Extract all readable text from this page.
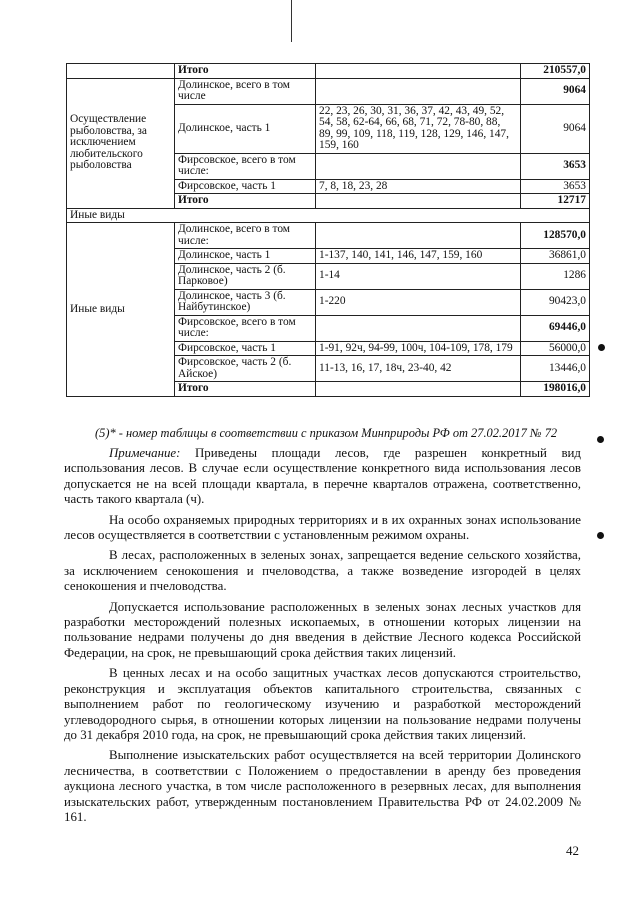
	Итого		210557,0
Осуществление рыболовства, за исключением любительского рыболовства	Долинское, всего в том числе		9064
	Долинское, часть 1	22, 23, 26, 30, 31, 36, 37, 42, 43, 49, 52, 54, 58, 62-64, 66, 68, 71, 72, 78-80, 88, 89, 99, 109, 118, 119, 128, 129, 146, 147, 159, 160	9064
	Фирсовское, всего в том числе:		3653
	Фирсовское, часть 1	7, 8, 18, 23, 28	3653
	Итого		12717
Иные виды			
Иные виды	Долинское, всего в том числе:		128570,0
	Долинское, часть 1	1-137, 140, 141, 146, 147, 159, 160	36861,0
	Долинское, часть 2 (б. Парковое)	1-14	1286
	Долинское, часть 3 (б. Найбутинское)	1-220	90423,0
	Фирсовское, всего в том числе:		69446,0
	Фирсовское, часть 1	1-91, 92ч, 94-99, 100ч, 104-109, 178, 179	56000,0
	Фирсовское, часть 2 (б. Айское)	11-13, 16, 17, 18ч, 23-40, 42	13446,0
	Итого		198016,0
(5)* - номер таблицы в соответствии с приказом Минприроды РФ от 27.02.2017 № 72

Примечание: Приведены площади лесов, где разрешен конкретный вид использования лесов. В случае если осуществление конкретного вида использования лесов допускается не на всей площади квартала, в перечне кварталов отражена, соответственно, часть такого квартала (ч).

На особо охраняемых природных территориях и в их охранных зонах использование лесов осуществляется в соответствии с установленным режимом охраны.

В лесах, расположенных в зеленых зонах, запрещается ведение сельского хозяйства, за исключением сенокошения и пчеловодства, а также возведение изгородей в целях сенокошения и пчеловодства.

Допускается использование расположенных в зеленых зонах лесных участков для разработки месторождений полезных ископаемых, в отношении которых лицензии на пользование недрами получены до дня введения в действие Лесного кодекса Российской Федерации, на срок, не превышающий срока действия таких лицензий.

В ценных лесах и на особо защитных участках лесов допускаются строительство, реконструкция и эксплуатация объектов капитального строительства, связанных с выполнением работ по геологическому изучению и разработкой месторождений углеводородного сырья, в отношении которых лицензии на пользование недрами получены до 31 декабря 2010 года, на срок, не превышающий срока действия таких лицензий.

Выполнение изыскательских работ осуществляется на всей территории Долинского лесничества, в соответствии с Положением о предоставлении в аренду без проведения аукциона лесного участка, в том числе расположенного в резервных лесах, для выполнения изыскательских работ, утвержденным постановлением Правительства РФ от 24.02.2009 № 161.

42
